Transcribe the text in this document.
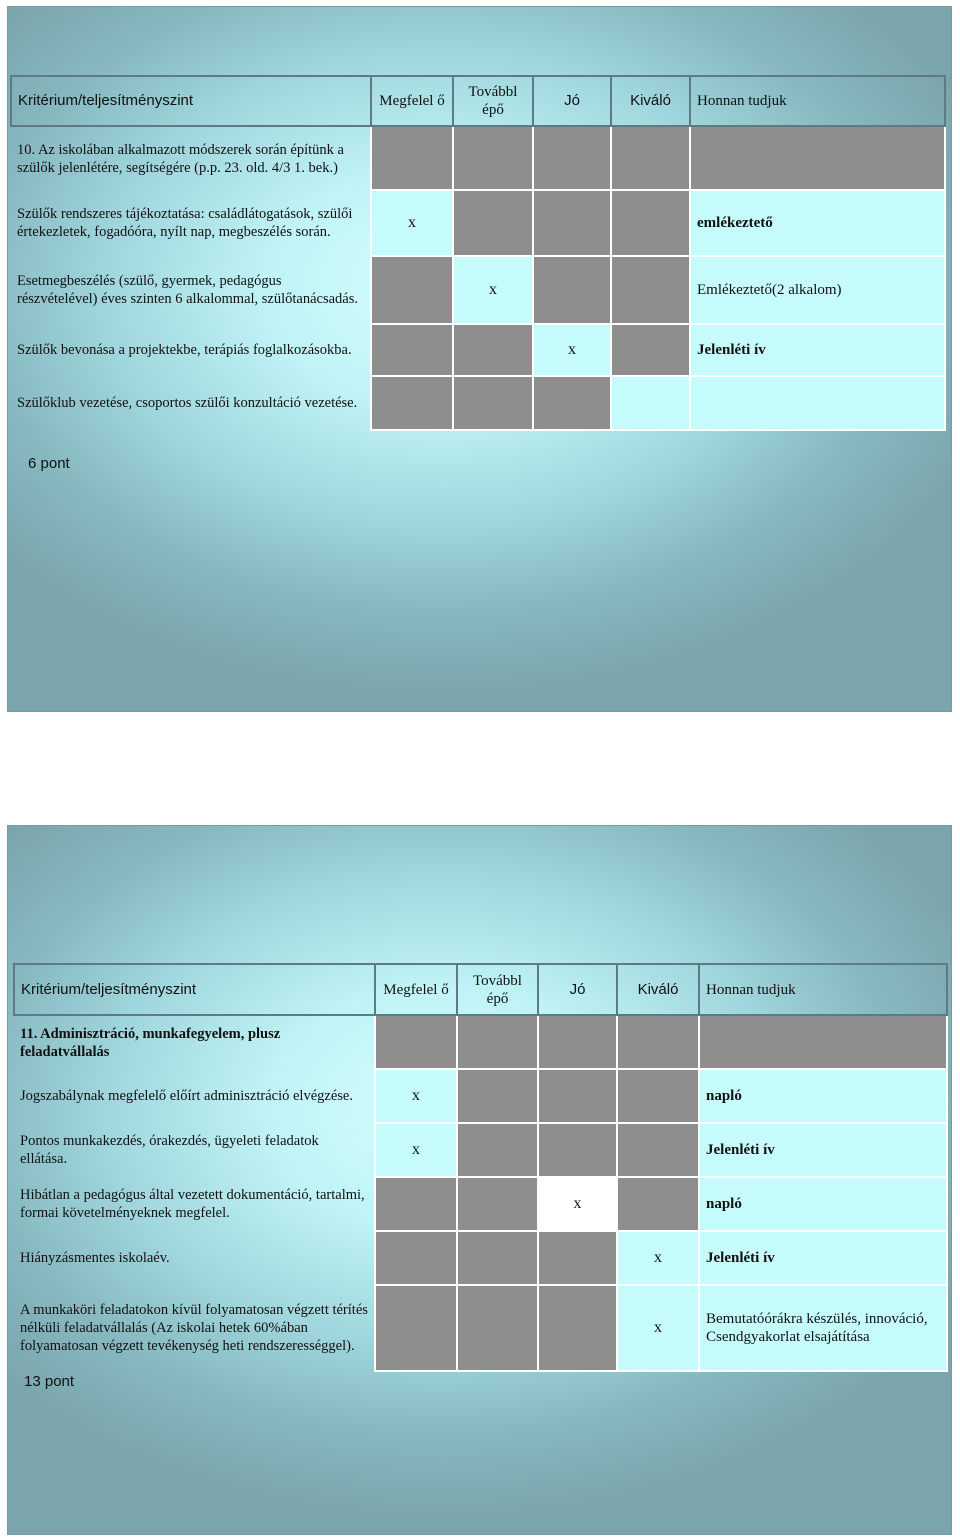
Kritérium/teljesítményszint	Megfelel ő	Továbbl épő	Jó	Kiváló	Honnan tudjuk
10. Az iskolában alkalmazott módszerek során építünk a szülők jelenlétére, segítségére (p.p. 23. old. 4/3 1. bek.)					
Szülők rendszeres tájékoztatása: családlátogatások, szülői értekezletek, fogadóóra, nyílt nap, megbeszélés során.	x				emlékeztető
Esetmegbeszélés (szülő, gyermek, pedagógus részvételével) éves szinten 6 alkalommal, szülőtanácsadás.		x			Emlékeztető(2 alkalom)
Szülők bevonása a projektekbe, terápiás foglalkozásokba.			x		Jelenléti ív
Szülőklub vezetése, csoportos szülői konzultáció vezetése.					
6 pont
Kritérium/teljesítményszint	Megfelel ő	Továbbl épő	Jó	Kiváló	Honnan tudjuk
11. Adminisztráció, munkafegyelem, plusz feladatvállalás					
Jogszabálynak megfelelő előírt adminisztráció elvégzése.	x				napló
Pontos munkakezdés, órakezdés, ügyeleti feladatok ellátása.	x				Jelenléti ív
Hibátlan a pedagógus által vezetett dokumentáció, tartalmi, formai követelményeknek megfelel.			x		napló
Hiányzásmentes iskolaév.				x	Jelenléti ív
A munkaköri feladatokon kívül folyamatosan végzett térítés nélküli feladatvállalás (Az iskolai hetek 60%ában folyamatosan végzett tevékenység heti rendszerességgel).				x	Bemutatóórákra készülés, innováció, Csendgyakorlat elsajátítása
13 pont
